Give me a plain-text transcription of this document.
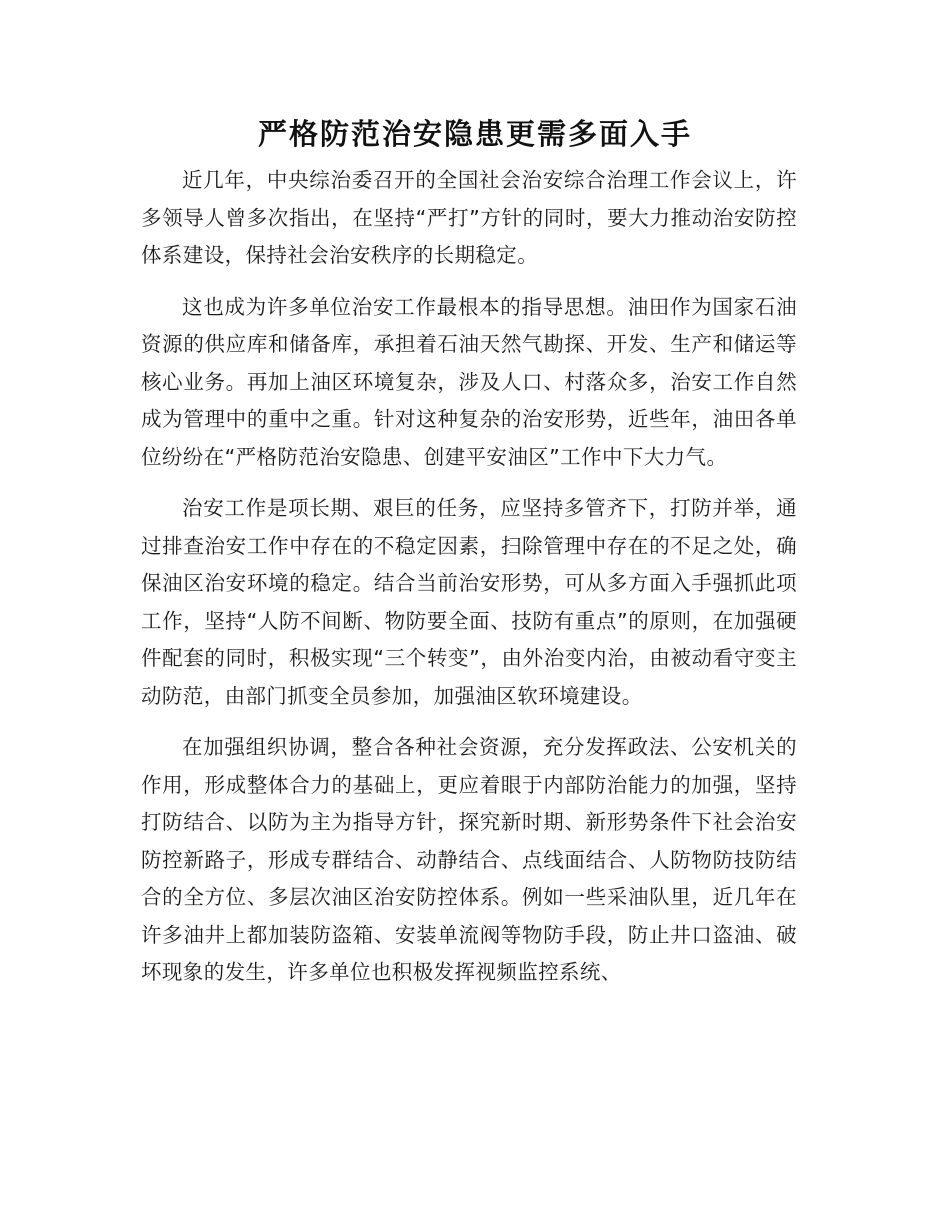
严格防范治安隐患更需多面入手

近几年，中央综治委召开的全国社会治安综合治理工作会议上，许多领导人曾多次指出，在坚持“严打”方针的同时，要大力推动治安防控体系建设，保持社会治安秩序的长期稳定。

这也成为许多单位治安工作最根本的指导思想。油田作为国家石油资源的供应库和储备库，承担着石油天然气勘探、开发、生产和储运等核心业务。再加上油区环境复杂，涉及人口、村落众多，治安工作自然成为管理中的重中之重。针对这种复杂的治安形势，近些年，油田各单位纷纷在“严格防范治安隐患、创建平安油区”工作中下大力气。

治安工作是项长期、艰巨的任务，应坚持多管齐下，打防并举，通过排查治安工作中存在的不稳定因素，扫除管理中存在的不足之处，确保油区治安环境的稳定。结合当前治安形势，可从多方面入手强抓此项工作，坚持“人防不间断、物防要全面、技防有重点”的原则，在加强硬件配套的同时，积极实现“三个转变”，由外治变内治，由被动看守变主动防范，由部门抓变全员参加，加强油区软环境建设。

在加强组织协调，整合各种社会资源，充分发挥政法、公安机关的作用，形成整体合力的基础上，更应着眼于内部防治能力的加强，坚持打防结合、以防为主为指导方针，探究新时期、新形势条件下社会治安防控新路子，形成专群结合、动静结合、点线面结合、人防物防技防结合的全方位、多层次油区治安防控体系。例如一些采油队里，近几年在许多油井上都加装防盗箱、安装单流阀等物防手段，防止井口盗油、破坏现象的发生，许多单位也积极发挥视频监控系统、
